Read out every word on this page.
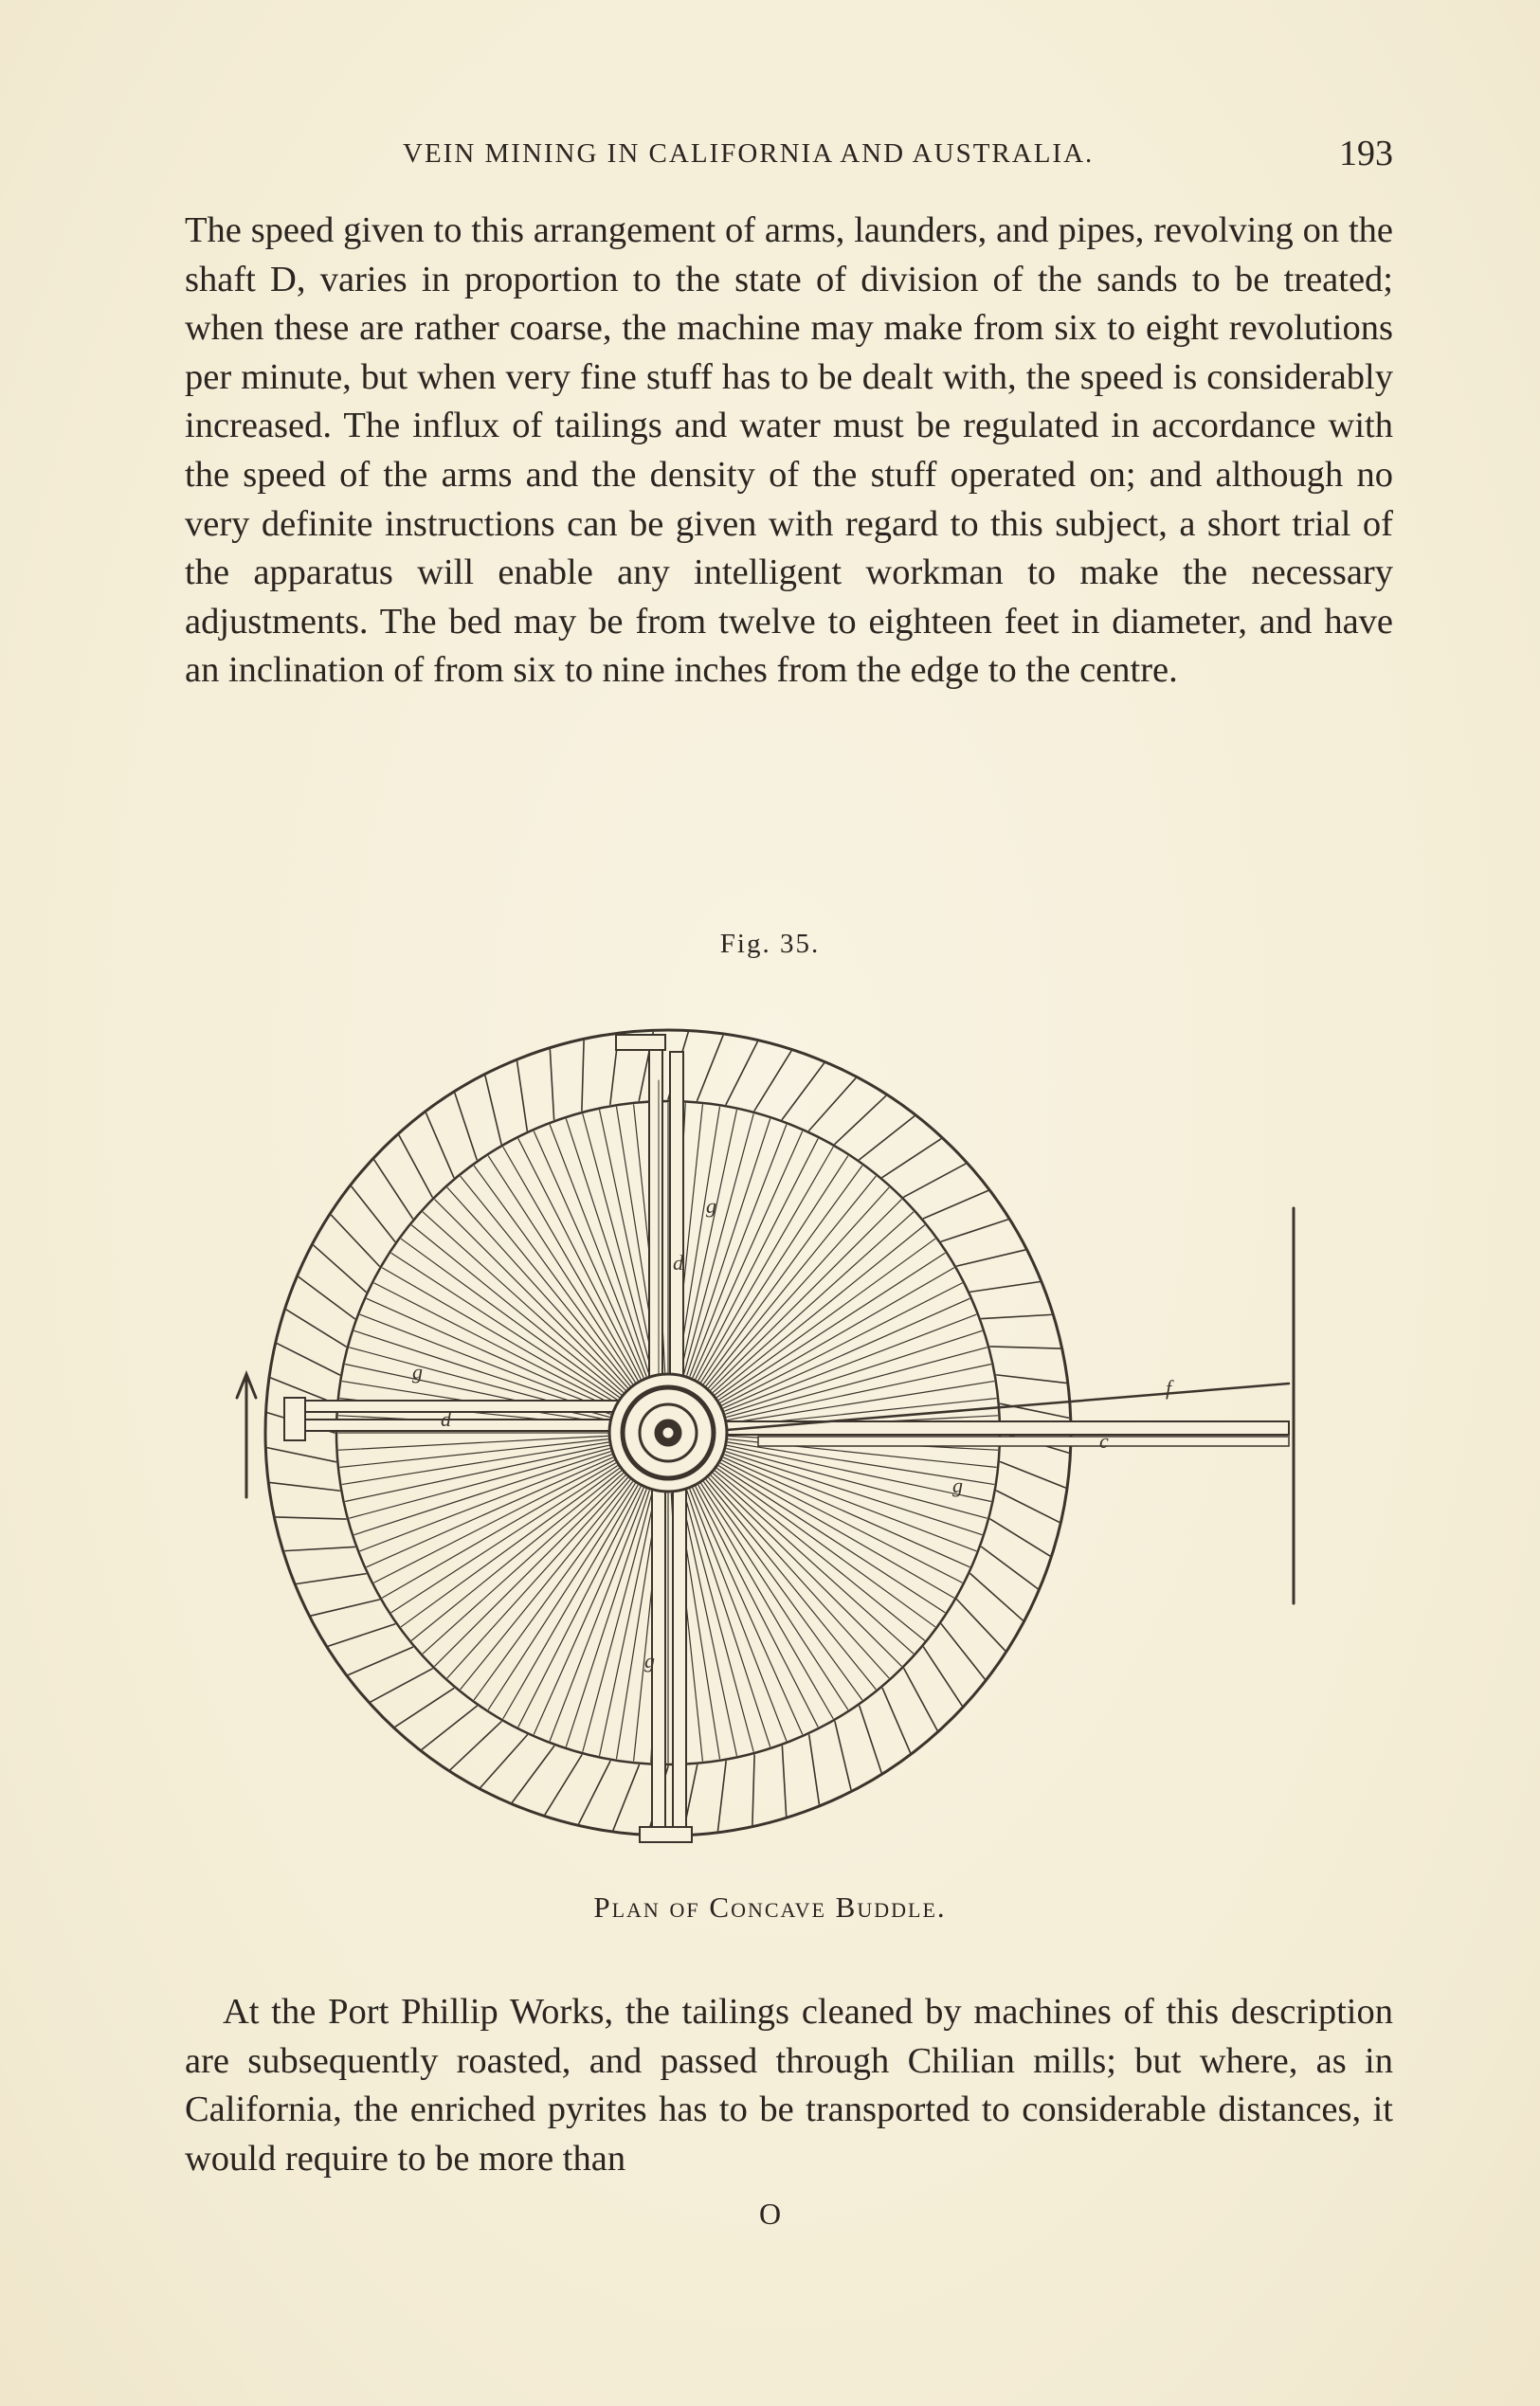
VEIN MINING IN CALIFORNIA AND AUSTRALIA.	193

The speed given to this arrangement of arms, launders, and pipes, revolving on the shaft D, varies in proportion to the state of division of the sands to be treated; when these are rather coarse, the machine may make from six to eight revolutions per minute, but when very fine stuff has to be dealt with, the speed is considerably increased. The influx of tailings and water must be regulated in accordance with the speed of the arms and the density of the stuff operated on; and although no very definite instructions can be given with regard to this subject, a short trial of the apparatus will enable any intelligent workman to make the necessary adjustments. The bed may be from twelve to eighteen feet in diameter, and have an inclination of from six to nine inches from the edge to the centre.

Fig. 35.
g
d
g
d
g
c
f
g
Plan of Concave Buddle.

At the Port Phillip Works, the tailings cleaned by machines of this description are subsequently roasted, and passed through Chilian mills; but where, as in California, the enriched pyrites has to be transported to considerable distances, it would require to be more than

O
